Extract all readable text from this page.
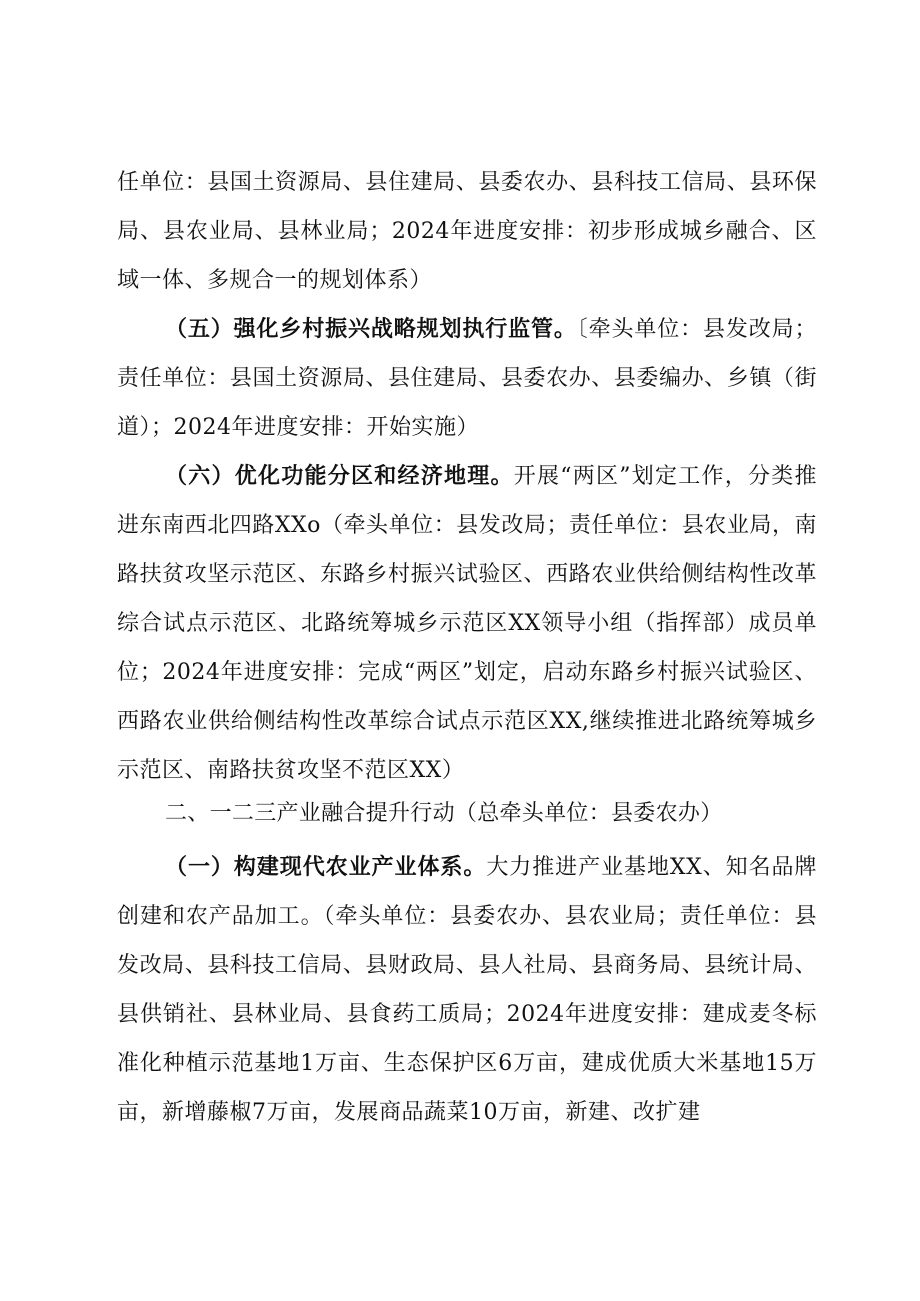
任单位：县国土资源局、县住建局、县委农办、县科技工信局、县环保局、县农业局、县林业局；2024年进度安排：初步形成城乡融合、区域一体、多规合一的规划体系）

（五）强化乡村振兴战略规划执行监管。〔牵头单位：县发改局；责任单位：县国土资源局、县住建局、县委农办、县委编办、乡镇（街道）；2024年进度安排：开始实施）

（六）优化功能分区和经济地理。开展“两区”划定工作，分类推进东南西北四路XXo（牵头单位：县发改局；责任单位：县农业局，南路扶贫攻坚示范区、东路乡村振兴试验区、西路农业供给侧结构性改革综合试点示范区、北路统筹城乡示范区XX领导小组（指挥部）成员单位；2024年进度安排：完成“两区”划定，启动东路乡村振兴试验区、西路农业供给侧结构性改革综合试点示范区XX,继续推进北路统筹城乡示范区、南路扶贫攻坚不范区XX）

二、一二三产业融合提升行动（总牵头单位：县委农办）

（一）构建现代农业产业体系。大力推进产业基地XX、知名品牌创建和农产品加工。（牵头单位：县委农办、县农业局；责任单位：县发改局、县科技工信局、县财政局、县人社局、县商务局、县统计局、县供销社、县林业局、县食药工质局；2024年进度安排：建成麦冬标准化种植示范基地1万亩、生态保护区6万亩，建成优质大米基地15万亩，新增藤椒7万亩，发展商品蔬菜10万亩，新建、改扩建
